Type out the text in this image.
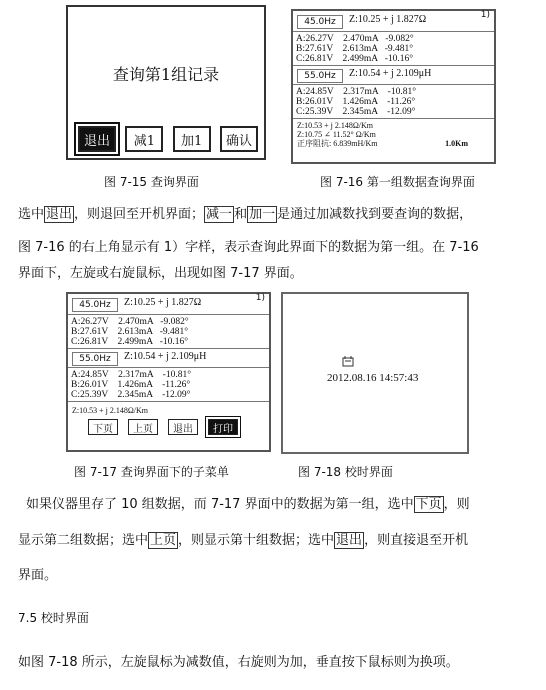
查询第1组记录
退出	减1	加1	确认
图 7-15 查询界面
45.0Hz	Z:10.25 + j 1.827Ω	1)
A:26.27V    2.470mA   -9.082°
B:27.61V    2.613mA   -9.481°
C:26.81V    2.499mA   -10.16°
55.0Hz	Z:10.54 + j 2.109μH
A:24.85V    2.317mA    -10.81°
B:26.01V    1.426mA    -11.26°
C:25.39V    2.345mA    -12.09°
Z:10.53 + j 2.148Ω/Km
Z:10.75 ∠ 11.52° Ω/Km
正序阻抗: 6.839mH/Km	1.0Km
图 7-16 第一组数据查询界面
选中 退出 ，则退回至开机界面； 减一 和 加一 是通过加减数找到要查询的数据，
图 7-16 的右上角显示有 1）字样，表示查询此界面下的数据为第一组。在 7-16
界面下，左旋或右旋鼠标，出现如图 7-17 界面。
45.0Hz	Z:10.25 + j 1.827Ω	1)
A:26.27V    2.470mA   -9.082°
B:27.61V    2.613mA   -9.481°
C:26.81V    2.499mA   -10.16°
55.0Hz	Z:10.54 + j 2.109μH
A:24.85V    2.317mA    -10.81°
B:26.01V    1.426mA    -11.26°
C:25.39V    2.345mA    -12.09°
Z:10.53 + j 2.148Ω/Km
下页	上页	退出	打印
图 7-17 查询界面下的子菜单
2012.08.16 14:57:43
图 7-18 校时界面
如果仪器里存了 10 组数据，而 7-17 界面中的数据为第一组，选中 下页 ，则
显示第二组数据；选中 上页 ，则显示第十组数据；选中 退出 ，则直接退至开机
界面。
7.5 校时界面
如图 7-18 所示，左旋鼠标为减数值，右旋则为加，垂直按下鼠标则为换项。
